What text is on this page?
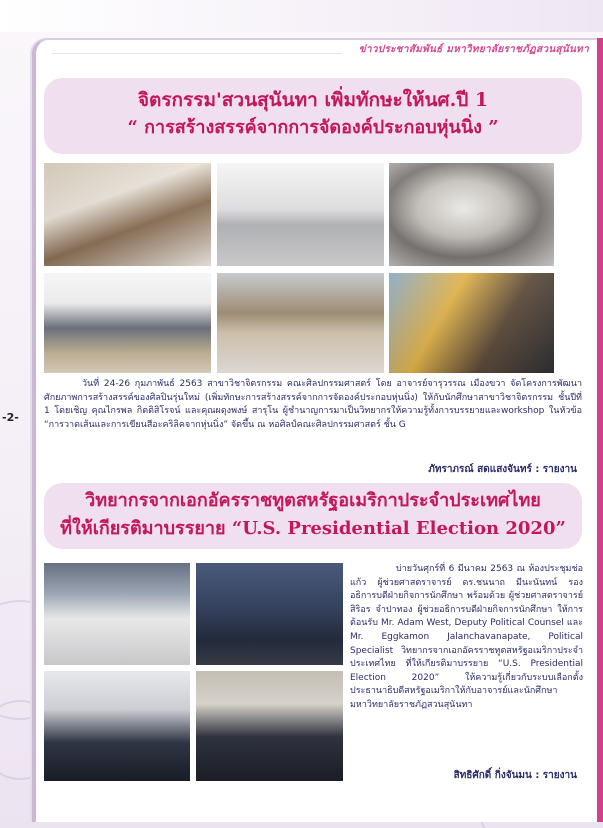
ข่าวประชาสัมพันธ์ มหาวิทยาลัยราชภัฏสวนสุนันทา
-2-
จิตรกรรม'สวนสุนันทา เพิ่มทักษะให้นศ.ปี 1
“ การสร้างสรรค์จากการจัดองค์ประกอบหุ่นนิ่ง ”
วันที่ 24-26 กุมภาพันธ์ 2563 สาขาวิชาจิตรกรรม คณะศิลปกรรมศาสตร์ โดย อาจารย์จารุวรรณ เมืองขวา จัดโครงการพัฒนาศักยภาพการสร้างสรรค์ของศิลปินรุ่นใหม่ (เพิ่มทักษะการสร้างสรรค์จากการจัดองค์ประกอบหุ่นนิ่ง) ให้กับนักศึกษาสาขาวิชาจิตรกรรม ชั้นปีที่ 1 โดยเชิญ คุณไกรพล กิตติสิโรจน์ และคุณผดุงพงษ์ สารุโน ผู้ชำนาญการมาเป็นวิทยากรให้ความรู้ทั้งการบรรยายและworkshop ในหัวข้อ “การวาดเส้นและการเขียนสีอะคริลิคจากหุ่นนิ่ง” จัดขึ้น ณ หอศิลป์คณะศิลปกรรมศาสตร์ ชั้น G
ภัทราภรณ์ สดแสงจันทร์ : รายงาน
วิทยากรจากเอกอัครราชทูตสหรัฐอเมริกาประจำประเทศไทย
ที่ให้เกียรติมาบรรยาย “U.S. Presidential Election 2020”
บ่ายวันศุกร์ที่ 6 มีนาคม 2563 ณ ห้องประชุมช่อแก้ว ผู้ช่วยศาสตราจารย์ ดร.ชนนาถ มีนะนันทน์ รองอธิการบดีฝ่ายกิจการนักศึกษา พร้อมด้วย ผู้ช่วยศาสตราจารย์สิริอร จำปาทอง ผู้ช่วยอธิการบดีฝ่ายกิจการนักศึกษา ให้การต้อนรับ Mr. Adam West, Deputy Political Counsel และ Mr. Eggkamon Jalanchavanapate, Political Specialist วิทยากรจากเอกอัครราชทูตสหรัฐอเมริกาประจำประเทศไทย ที่ให้เกียรติมาบรรยาย “U.S. Presidential Election 2020” ให้ความรู้เกี่ยวกับระบบเลือกตั้งประธานาธิบดีสหรัฐอเมริกาให้กับอาจารย์และนักศึกษา มหาวิทยาลัยราชภัฏสวนสุนันทา
สิทธิศักดิ์ กิ่งจันมน : รายงาน
